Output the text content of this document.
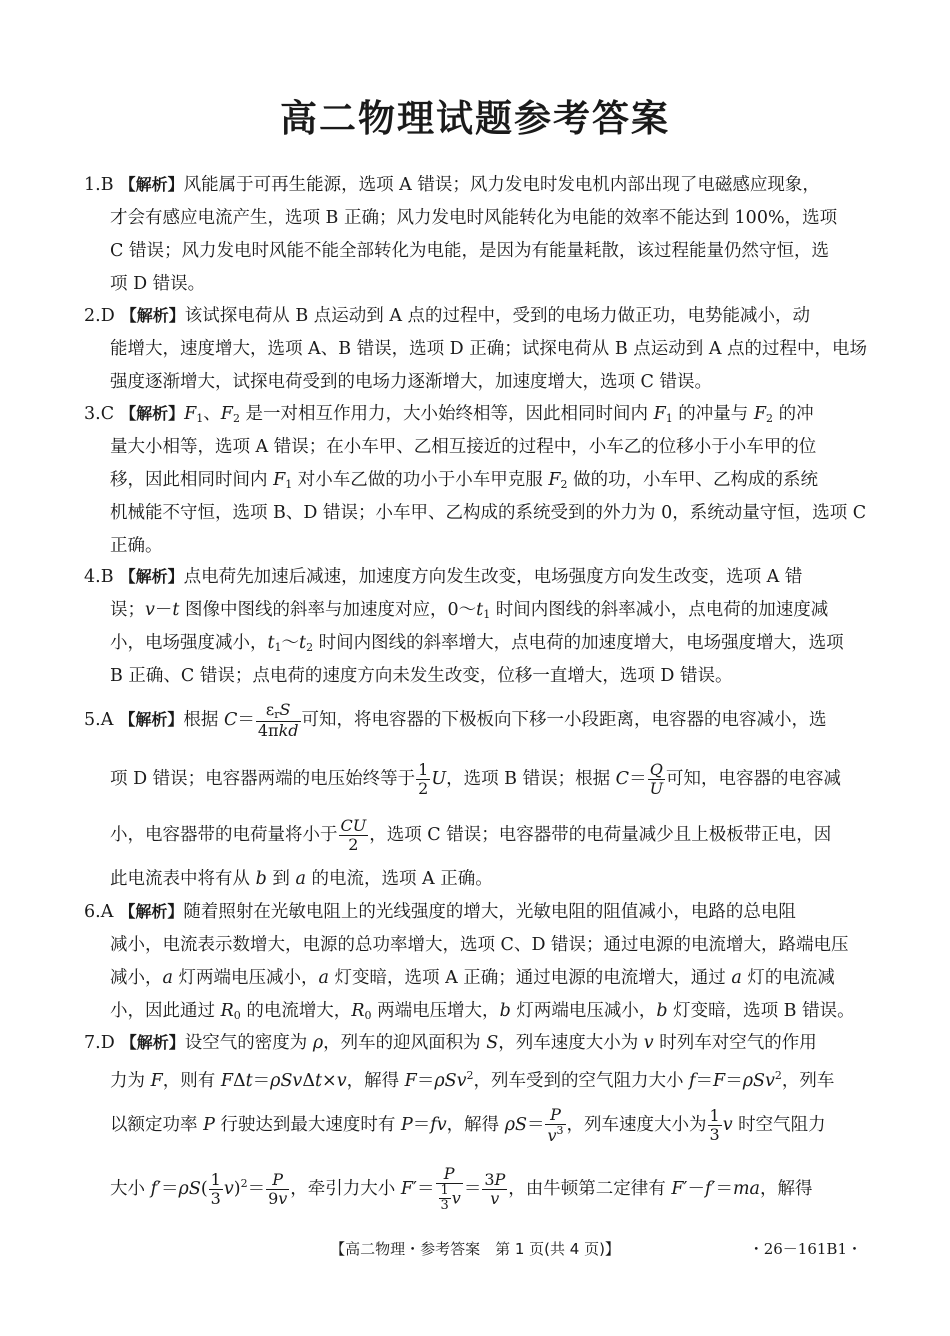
高二物理试题参考答案
1.B 【 解析 】 风能属于可再生能源，选项 A 错误；风力发电时发电机内部出现了电磁感应现象，
才会有感应电流产生，选项 B 正确；风力发电时风能转化为电能的效率不能达到 100%，选项
C 错误；风力发电时风能不能全部转化为电能，是因为有能量耗散，该过程能量仍然守恒，选
项 D 错误。
2.D 【 解析 】 该试探电荷从 B 点运动到 A 点的过程中，受到的电场力做正功，电势能减小，动
能增大，速度增大，选项 A、B 错误，选项 D 正确；试探电荷从 B 点运动到 A 点的过程中，电场
强度逐渐增大，试探电荷受到的电场力逐渐增大，加速度增大，选项 C 错误。
3.C 【 解析 】 $F_1$、$F_2$ 是一对相互作用力，大小始终相等，因此相同时间内 $F_1$ 的冲量与 $F_2$ 的冲
量大小相等，选项 A 错误；在小车甲、乙相互接近的过程中，小车乙的位移小于小车甲的位
移，因此相同时间内 $F_1$ 对小车乙做的功小于小车甲克服 $F_2$ 做的功，小车甲、乙构成的系统
机械能不守恒，选项 B、D 错误；小车甲、乙构成的系统受到的外力为 0，系统动量守恒，选项 C
正确。
4.B 【 解析 】 点电荷先加速后减速，加速度方向发生改变，电场强度方向发生改变，选项 A 错
误；v－t 图像中图线的斜率与加速度对应，$0\sim t_1$ 时间内图线的斜率减小，点电荷的加速度减
小，电场强度减小，$t_1\sim t_2$ 时间内图线的斜率增大，点电荷的加速度增大，电场强度增大，选项
B 正确、C 错误；点电荷的速度方向未发生改变，位移一直增大，选项 D 错误。
5.A 【 解析 】 根据 $C= \frac{\varepsilon_rS}{\text{4πkd}}$ 可知，将电容器的下极板向下移一小段距离，电容器的电容减小，选
项 D 错误；电容器两端的电压始终等于 $\frac{1}{2}$ U，选项 B 错误；根据 $C= \frac{Q}{U}$ 可知，电容器的电容减
小，电容器带的电荷量将小于 $\frac{CU}{2}$ ，选项 C 错误；电容器带的电荷量减少且上极板带正电，因
此电流表中将有从 b 到 a 的电流，选项 A 正确。
6.A 【 解析 】 随着照射在光敏电阻上的光线强度的增大，光敏电阻的阻值减小，电路的总电阻
减小，电流表示数增大，电源的总功率增大，选项 C、D 错误；通过电源的电流增大，路端电压
减小，a 灯两端电压减小，a 灯变暗，选项 A 正确；通过电源的电流增大，通过 a 灯的电流减
小，因此通过 $R_0$ 的电流增大，$R_0$ 两端电压增大，b 灯两端电压减小，b 灯变暗，选项 B 错误。
7.D 【 解析 】 设空气的密度为 ρ，列车的迎风面积为 S，列车速度大小为 v 时列车对空气的作用
力为 F，则有 FΔt＝ρSvΔt×v，解得 F＝ρSv$^2$，列车受到的空气阻力大小 f＝F＝ρSv$^2$，列车
以额定功率 P 行驶达到最大速度时有 P＝fv，解得 $\rho S= \frac{P}{v^3}$ ，列车速度大小为 $\frac{1}{3}$ v 时空气阻力
大小 $f'=\rho S( \frac{1}{3} v)^2= \frac{P}{9v}$ ，牵引力大小 $F'= \frac{P}{\frac{1}{3} v} = \frac{3P}{v}$ ，由牛顿第二定律有 F′－f′＝ma，解得
【高二物理・参考答案　第 1 页(共 4 页)】	・26－161B1・
